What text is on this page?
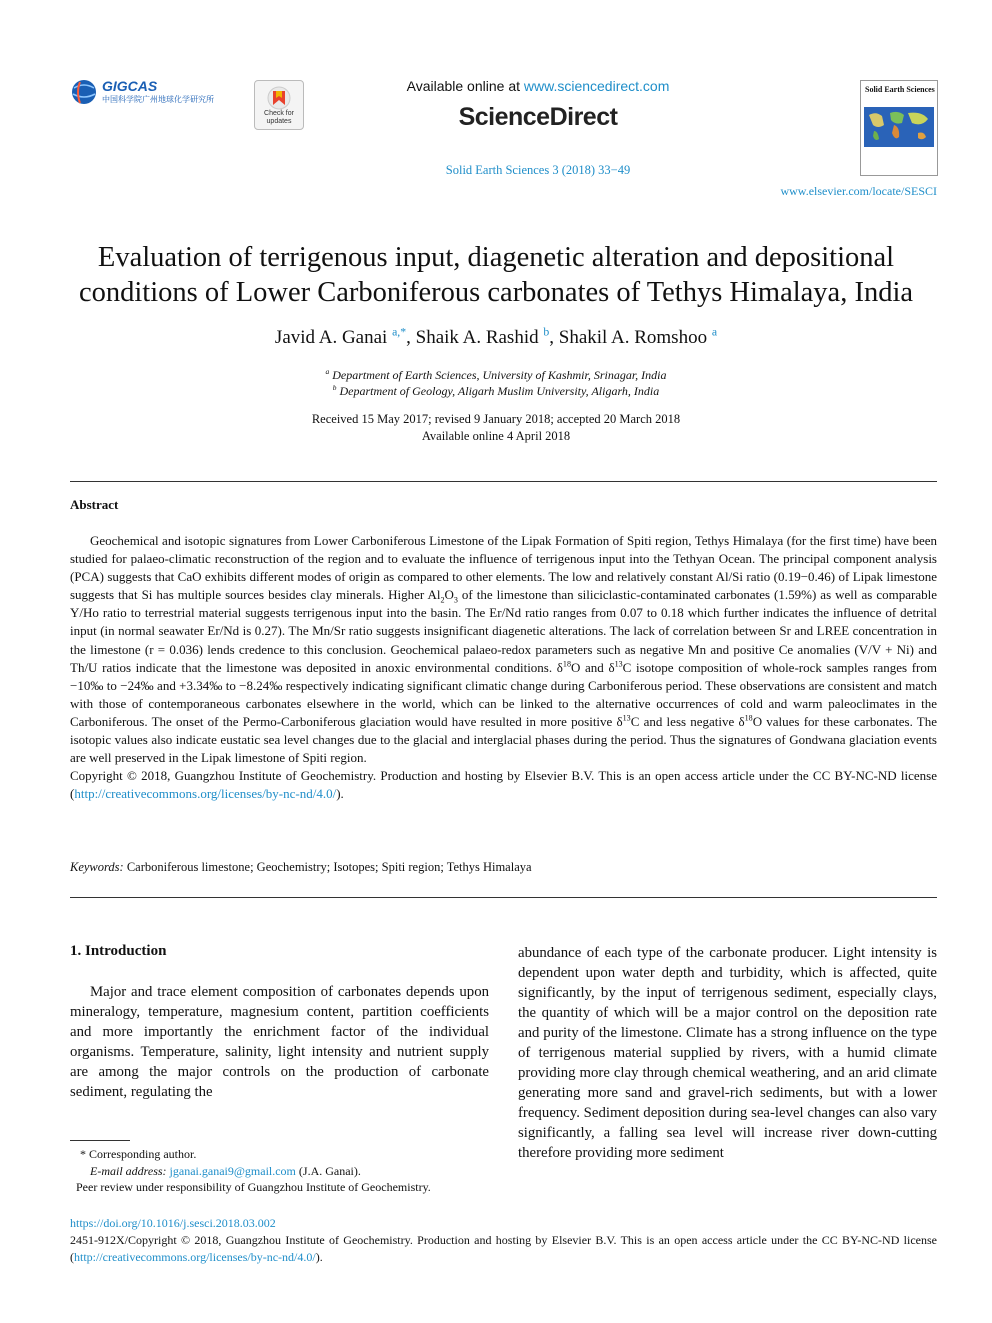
GIGCAS
中国科学院广州地球化学研究所
Check for updates
Available online at www.sciencedirect.com
ScienceDirect
Solid Earth Sciences 3 (2018) 33−49
Solid Earth Sciences
www.elsevier.com/locate/SESCI
Evaluation of terrigenous input, diagenetic alteration and depositional conditions of Lower Carboniferous carbonates of Tethys Himalaya, India
Javid A. Ganai $^{a,*}$, Shaik A. Rashid $^b$, Shakil A. Romshoo $^a$
$^a$ Department of Earth Sciences, University of Kashmir, Srinagar, India
$^b$ Department of Geology, Aligarh Muslim University, Aligarh, India
Received 15 May 2017; revised 9 January 2018; accepted 20 March 2018
Available online 4 April 2018
Abstract

Geochemical and isotopic signatures from Lower Carboniferous Limestone of the Lipak Formation of Spiti region, Tethys Himalaya (for the first time) have been studied for palaeo-climatic reconstruction of the region and to evaluate the influence of terrigenous input into the Tethyan Ocean. The principal component analysis (PCA) suggests that CaO exhibits different modes of origin as compared to other elements. The low and relatively constant Al/Si ratio (0.19−0.46) of Lipak limestone suggests that Si has multiple sources besides clay minerals. Higher $Al_2O_3$ of the limestone than siliciclastic-contaminated carbonates (1.59%) as well as comparable Y/Ho ratio to terrestrial material suggests terrigenous input into the basin. The Er/Nd ratio ranges from 0.07 to 0.18 which further indicates the influence of detrital input (in normal seawater Er/Nd is 0.27). The Mn/Sr ratio suggests insignificant diagenetic alterations. The lack of correlation between Sr and LREE concentration in the limestone (r = 0.036) lends credence to this conclusion. Geochemical palaeo-redox parameters such as negative Mn and positive Ce anomalies (V/V + Ni) and Th/U ratios indicate that the limestone was deposited in anoxic environmental conditions. $\delta^{18}O$ and $\delta^{13}C$ isotope composition of whole-rock samples ranges from −10‰ to −24‰ and +3.34‰ to −8.24‰ respectively indicating significant climatic change during Carboniferous period. These observations are consistent and match with those of contemporaneous carbonates elsewhere in the world, which can be linked to the alternative occurrences of cold and warm paleoclimates in the Carboniferous. The onset of the Permo-Carboniferous glaciation would have resulted in more positive $\delta^{13}C$ and less negative $\delta^{18}O$ values for these carbonates. The isotopic values also indicate eustatic sea level changes due to the glacial and interglacial phases during the period. Thus the signatures of Gondwana glaciation events are well preserved in the Lipak limestone of Spiti region.

Copyright © 2018, Guangzhou Institute of Geochemistry. Production and hosting by Elsevier B.V. This is an open access article under the CC BY-NC-ND license (http://creativecommons.org/licenses/by-nc-nd/4.0/).

Keywords: Carboniferous limestone; Geochemistry; Isotopes; Spiti region; Tethys Himalaya
1. Introduction

Major and trace element composition of carbonates depends upon mineralogy, temperature, magnesium content, partition coefficients and more importantly the enrichment factor of the individual organisms. Temperature, salinity, light intensity and nutrient supply are among the major controls on the production of carbonate sediment, regulating the

abundance of each type of the carbonate producer. Light intensity is dependent upon water depth and turbidity, which is affected, quite significantly, by the input of terrigenous sediment, especially clays, the quantity of which will be a major control on the deposition rate and purity of the limestone. Climate has a strong influence on the type of terrigenous material supplied by rivers, with a humid climate providing more clay through chemical weathering, and an arid climate generating more sand and gravel-rich sediments, but with a lower frequency. Sediment deposition during sea-level changes can also vary significantly, a falling sea level will increase river down-cutting therefore providing more sediment
* Corresponding author.
E-mail address: jganai.ganai9@gmail.com (J.A. Ganai).
Peer review under responsibility of Guangzhou Institute of Geochemistry.
https://doi.org/10.1016/j.sesci.2018.03.002
2451-912X/Copyright © 2018, Guangzhou Institute of Geochemistry. Production and hosting by Elsevier B.V. This is an open access article under the CC BY-NC-ND license (http://creativecommons.org/licenses/by-nc-nd/4.0/).
